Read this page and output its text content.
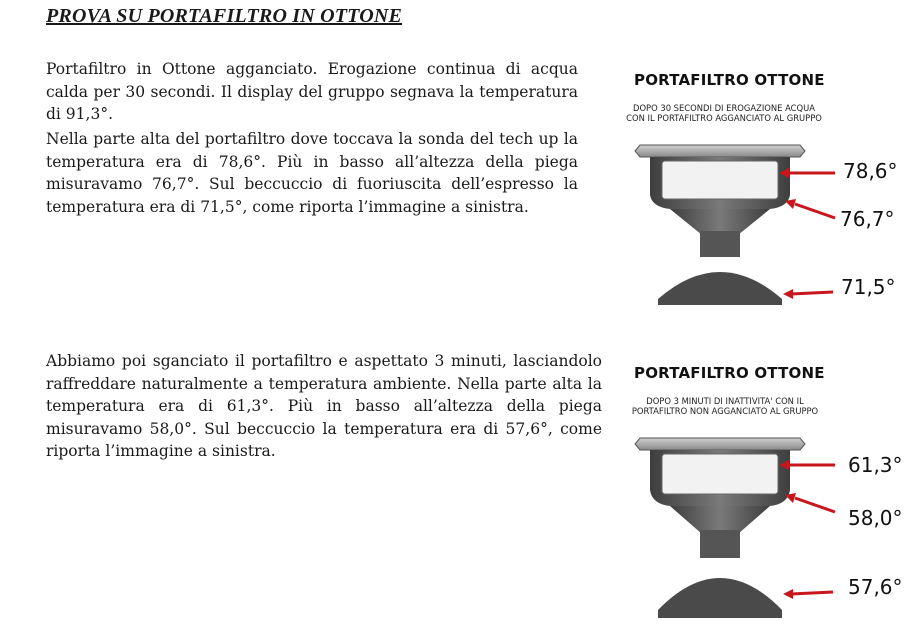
PROVA SU PORTAFILTRO IN OTTONE

Portafiltro in Ottone agganciato. Erogazione continua di acqua calda per 30 secondi. Il display del gruppo segnava la temperatura di 91,3°.

Nella parte alta del portafiltro dove toccava la sonda del tech up la temperatura era di 78,6°. Più in basso all’altezza della piega misuravamo 76,7°. Sul beccuccio di fuoriuscita dell’espresso la temperatura era di 71,5°, come riporta l’immagine a sinistra.

Abbiamo poi sganciato il portafiltro e aspettato 3 minuti, lasciandolo raffreddare naturalmente a temperatura ambiente. Nella parte alta la temperatura era di 61,3°. Più in basso all’altezza della piega misuravamo 58,0°. Sul beccuccio la temperatura era di 57,6°, come riporta l’immagine a sinistra.

PORTAFILTRO OTTONE
DOPO 30 SECONDI DI EROGAZIONE ACQUA
CON IL PORTAFILTRO AGGANCIATO AL GRUPPO
78,6°
76,7°
71,5°
PORTAFILTRO OTTONE
DOPO 3 MINUTI DI INATTIVITA' CON IL
PORTAFILTRO NON AGGANCIATO AL GRUPPO
61,3°
58,0°
57,6°
